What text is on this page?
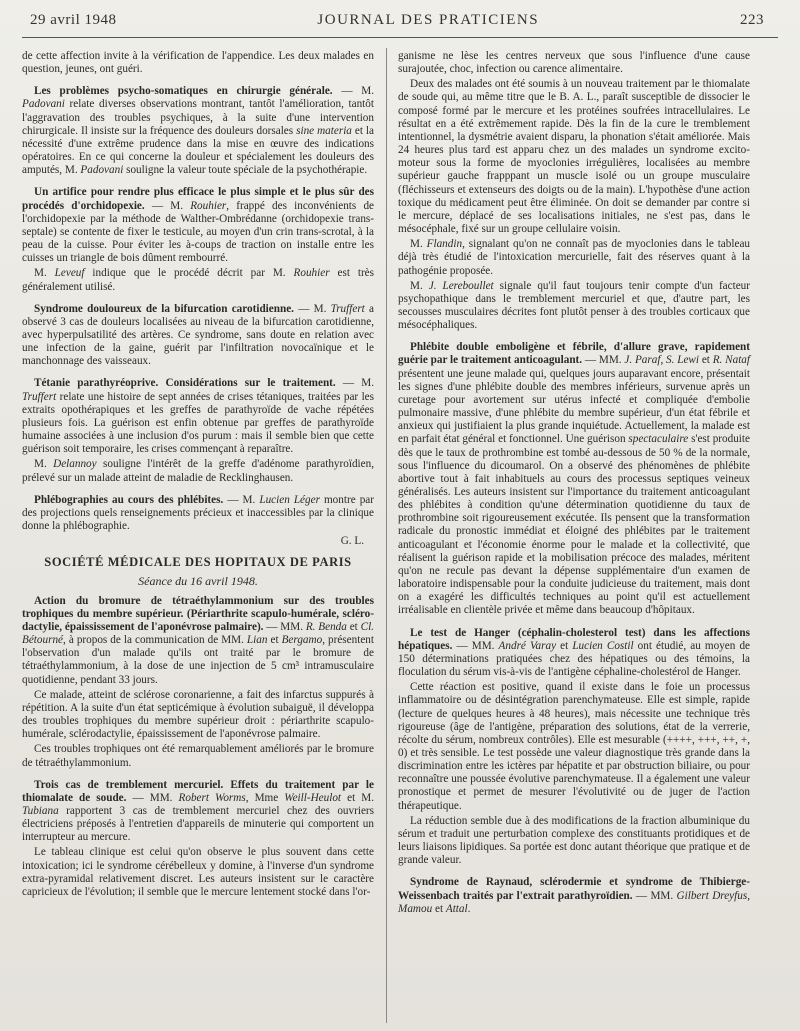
29 avril 1948	JOURNAL DES PRATICIENS	223

de cette affection invite à la vérification de l'appendice. Les deux malades en question, jeunes, ont guéri.

Les problèmes psycho-somatiques en chirurgie générale. — M. Padovani relate diverses observations montrant, tantôt l'amélioration, tantôt l'aggravation des troubles psychiques, à la suite d'une intervention chirurgicale. Il insiste sur la fréquence des douleurs dorsales sine materia et la nécessité d'une extrême prudence dans la mise en œuvre des indications opératoires. En ce qui concerne la douleur et spécialement les douleurs des amputés, M. Padovani souligne la valeur toute spéciale de la psychothérapie.

Un artifice pour rendre plus efficace le plus simple et le plus sûr des procédés d'orchidopexie. — M. Rouhier, frappé des inconvénients de l'orchidopexie par la méthode de Walther-Ombrédanne (orchidopexie trans-septale) se contente de fixer le testicule, au moyen d'un crin trans-scrotal, à la peau de la cuisse. Pour éviter les à-coups de traction on installe entre les cuisses un triangle de bois dûment rembourré.

M. Leveuf indique que le procédé décrit par M. Rouhier est très généralement utilisé.

Syndrome douloureux de la bifurcation carotidienne. — M. Truffert a observé 3 cas de douleurs localisées au niveau de la bifurcation carotidienne, avec hyperpulsatilité des artères. Ce syndrome, sans doute en relation avec une infection de la gaine, guérit par l'infiltration novocaïnique et le manchonnage des vaisseaux.

Tétanie parathyréoprive. Considérations sur le traitement. — M. Truffert relate une histoire de sept années de crises tétaniques, traitées par les extraits opothérapiques et les greffes de parathyroïde de vache répétées plusieurs fois. La guérison est enfin obtenue par greffes de parathyroïde humaine associées à une inclusion d'os purum : mais il semble bien que cette guérison soit temporaire, les crises commençant à reparaître.

M. Delannoy souligne l'intérêt de la greffe d'adénome parathyroïdien, prélevé sur un malade atteint de maladie de Recklinghausen.

Phlébographies au cours des phlébites. — M. Lucien Léger montre par des projections quels renseignements précieux et inaccessibles par la clinique donne la phlébographie.

G. L.
SOCIÉTÉ MÉDICALE DES HOPITAUX DE PARIS
Séance du 16 avril 1948.

Action du bromure de tétraéthylammonium sur des troubles trophiques du membre supérieur. (Périarthrite scapulo-humérale, scléro-dactylie, épaississement de l'aponévrose palmaire). — MM. R. Benda et Cl. Bétourné, à propos de la communication de MM. Lian et Bergamo, présentent l'observation d'un malade qu'ils ont traité par le bromure de tétraéthylammonium, à la dose de une injection de 5 cm³ intramusculaire quotidienne, pendant 33 jours.

Ce malade, atteint de sclérose coronarienne, a fait des infarctus suppurés à répétition. A la suite d'un état septicémique à évolution subaiguë, il développa des troubles trophiques du membre supérieur droit : périarthrite scapulo-humérale, sclérodactylie, épaississement de l'aponévrose palmaire.

Ces troubles trophiques ont été remarquablement améliorés par le bromure de tétraéthylammonium.

Trois cas de tremblement mercuriel. Effets du traitement par le thiomalate de soude. — MM. Robert Worms, Mme Weill-Heulot et M. Tubiana rapportent 3 cas de tremblement mercuriel chez des ouvriers électriciens préposés à l'entretien d'appareils de minuterie qui comportent un interrupteur au mercure.

Le tableau clinique est celui qu'on observe le plus souvent dans cette intoxication; ici le syndrome cérébelleux y domine, à l'inverse d'un syndrome extra-pyramidal relativement discret. Les auteurs insistent sur le caractère capricieux de l'évolution; il semble que le mercure lentement stocké dans l'or-

ganisme ne lèse les centres nerveux que sous l'influence d'une cause surajoutée, choc, infection ou carence alimentaire.

Deux des malades ont été soumis à un nouveau traitement par le thiomalate de soude qui, au même titre que le B. A. L., paraît susceptible de dissocier le composé formé par le mercure et les protéines soufrées intracellulaires. Le résultat en a été extrêmement rapide. Dès la fin de la cure le tremblement intentionnel, la dysmétrie avaient disparu, la phonation s'était améliorée. Mais 24 heures plus tard est apparu chez un des malades un syndrome excito-moteur sous la forme de myoclonies irrégulières, localisées au membre supérieur gauche frapppant un muscle isolé ou un groupe musculaire (fléchisseurs et extenseurs des doigts ou de la main). L'hypothèse d'une action toxique du médicament peut être éliminée. On doit se demander par contre si le mercure, déplacé de ses localisations initiales, ne s'est pas, dans le mésocéphale, fixé sur un groupe cellulaire voisin.

M. Flandin, signalant qu'on ne connaît pas de myoclonies dans le tableau déjà très étudié de l'intoxication mercurielle, fait des réserves quant à la pathogénie proposée.

M. J. Lereboullet signale qu'il faut toujours tenir compte d'un facteur psychopathique dans le tremblement mercuriel et que, d'autre part, les secousses musculaires décrites font plutôt penser à des troubles corticaux que mésocéphaliques.

Phlébite double emboligène et fébrile, d'allure grave, rapidement guérie par le traitement anticoagulant. — MM. J. Paraf, S. Lewi et R. Nataf présentent une jeune malade qui, quelques jours auparavant encore, présentait les signes d'une phlébite double des membres inférieurs, survenue après un curetage pour avortement sur utérus infecté et compliquée d'embolie pulmonaire massive, d'une phlébite du membre supérieur, d'un état fébrile et anxieux qui justifiaient la plus grande inquiétude. Actuellement, la malade est en parfait état général et fonctionnel. Une guérison spectaculaire s'est produite dès que le taux de prothrombine est tombé au-dessous de 50 % de la normale, sous l'influence du dicoumarol. On a observé des phénomènes de phlébite abortive tout à fait inhabituels au cours des processus septiques veineux généralisés. Les auteurs insistent sur l'importance du traitement anticoagulant des phlébites à condition qu'une détermination quotidienne du taux de prothrombine soit rigoureusement exécutée. Ils pensent que la transformation radicale du pronostic immédiat et éloigné des phlébites par le traitement anticoagulant et l'économie énorme pour le malade et la collectivité, que réalisent la guérison rapide et la mobilisation précoce des malades, méritent qu'on ne recule pas devant la dépense supplémentaire d'un examen de laboratoire indispensable pour la conduite judicieuse du traitement, mais dont on a exagéré les difficultés techniques au point qu'il est actuellement irréalisable en clientèle privée et même dans beaucoup d'hôpitaux.

Le test de Hanger (céphalin-cholesterol test) dans les affections hépatiques. — MM. André Varay et Lucien Costil ont étudié, au moyen de 150 déterminations pratiquées chez des hépatiques ou des témoins, la floculation du sérum vis-à-vis de l'antigène céphaline-cholestérol de Hanger.

Cette réaction est positive, quand il existe dans le foie un processus inflammatoire ou de désintégration parenchymateuse. Elle est simple, rapide (lecture de quelques heures à 48 heures), mais nécessite une technique très rigoureuse (âge de l'antigène, préparation des solutions, état de la verrerie, récolte du sérum, nombreux contrôles). Elle est mesurable (++++, +++, ++, +, 0) et très sensible. Le test possède une valeur diagnostique très grande dans la discrimination entre les ictères par hépatite et par obstruction biliaire, ou pour reconnaître une poussée évolutive parenchymateuse. Il a également une valeur pronostique et permet de mesurer l'évolutivité ou de juger de l'action thérapeutique.

La réduction semble due à des modifications de la fraction albuminique du sérum et traduit une perturbation complexe des constituants protidiques et de leurs liaisons lipidiques. Sa portée est donc autant théorique que pratique et de grande valeur.

Syndrome de Raynaud, sclérodermie et syndrome de Thibierge-Weissenbach traités par l'extrait parathyroïdien. — MM. Gilbert Dreyfus, Mamou et Attal.
